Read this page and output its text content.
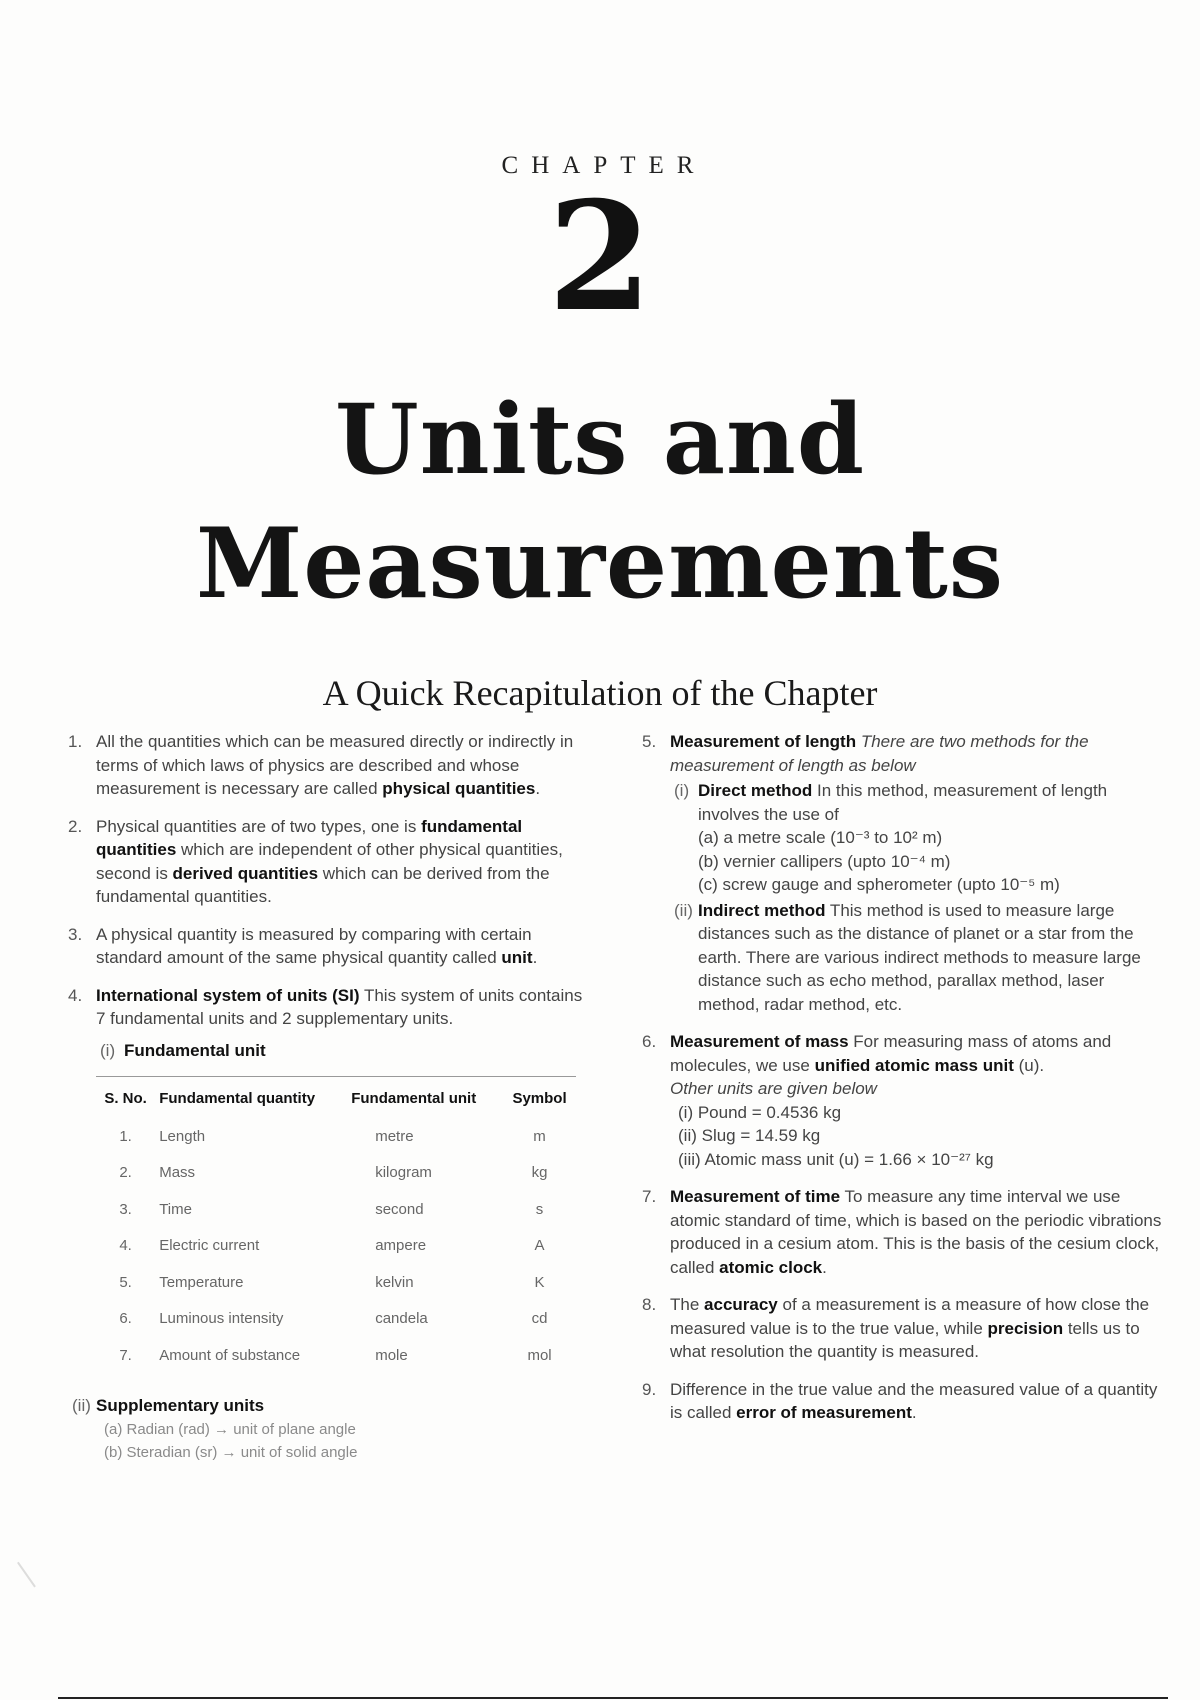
CHAPTER
2
Units and
Measurements
A Quick Recapitulation of the Chapter
1. All the quantities which can be measured directly or indirectly in terms of which laws of physics are described and whose measurement is necessary are called physical quantities.
2. Physical quantities are of two types, one is fundamental quantities which are independent of other physical quantities, second is derived quantities which can be derived from the fundamental quantities.
3. A physical quantity is measured by comparing with certain standard amount of the same physical quantity called unit.
4. International system of units (SI) This system of units contains 7 fundamental units and 2 supplementary units.
(i) Fundamental unit
S. No.	Fundamental quantity	Fundamental unit	Symbol
1.	Length	metre	m
2.	Mass	kilogram	kg
3.	Time	second	s
4.	Electric current	ampere	A
5.	Temperature	kelvin	K
6.	Luminous intensity	candela	cd
7.	Amount of substance	mole	mol
(ii) Supplementary units
(a) Radian (rad) → unit of plane angle
(b) Steradian (sr) → unit of solid angle
5. Measurement of length There are two methods for the measurement of length as below
(i) Direct method In this method, measurement of length involves the use of
(a) a metre scale (10⁻³ to 10² m)
(b) vernier callipers (upto 10⁻⁴ m)
(c) screw gauge and spherometer (upto 10⁻⁵ m)
(ii) Indirect method This method is used to measure large distances such as the distance of planet or a star from the earth. There are various indirect methods to measure large distance such as echo method, parallax method, laser method, radar method, etc.
6. Measurement of mass For measuring mass of atoms and molecules, we use unified atomic mass unit (u).
Other units are given below
(i) Pound = 0.4536 kg
(ii) Slug = 14.59 kg
(iii) Atomic mass unit (u) = 1.66 × 10⁻²⁷ kg
7. Measurement of time To measure any time interval we use atomic standard of time, which is based on the periodic vibrations produced in a cesium atom. This is the basis of the cesium clock, called atomic clock.
8. The accuracy of a measurement is a measure of how close the measured value is to the true value, while precision tells us to what resolution the quantity is measured.
9. Difference in the true value and the measured value of a quantity is called error of measurement.
